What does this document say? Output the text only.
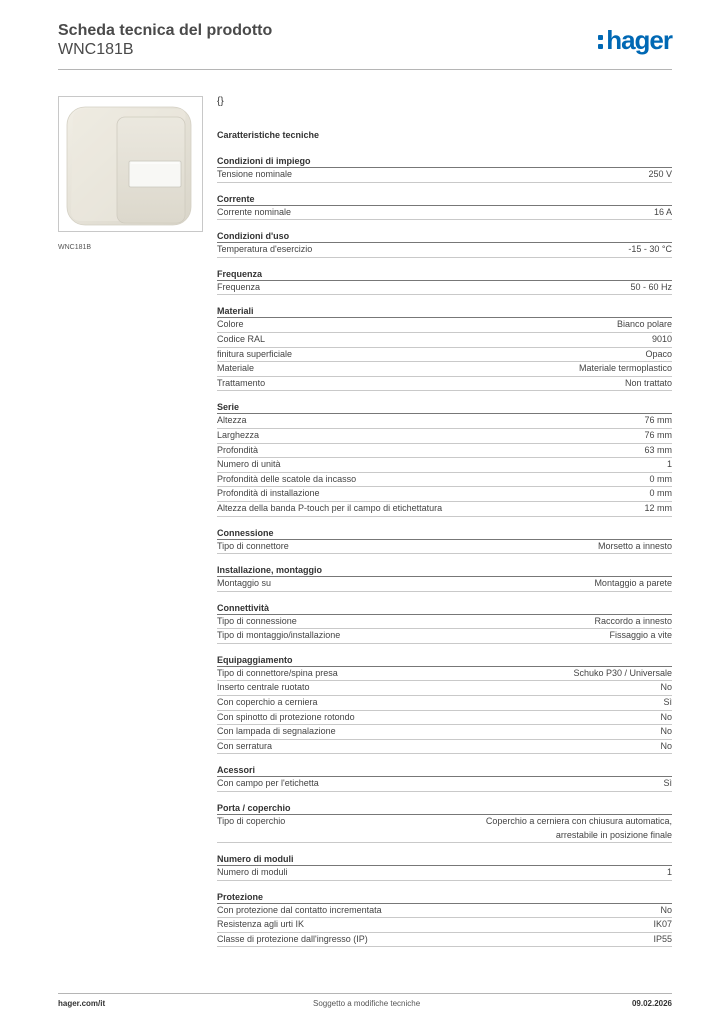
Scheda tecnica del prodotto
WNC181B	hager
WNC181B
{}
Caratteristiche tecniche
Condizioni di impiego
Tensione nominale	250 V
Corrente
Corrente nominale	16 A
Condizioni d'uso
Temperatura d'esercizio	-15 - 30 °C
Frequenza
Frequenza	50 - 60 Hz
Materiali
Colore	Bianco polare
Codice RAL	9010
finitura superficiale	Opaco
Materiale	Materiale termoplastico
Trattamento	Non trattato
Serie
Altezza	76 mm
Larghezza	76 mm
Profondità	63 mm
Numero di unità	1
Profondità delle scatole da incasso	0 mm
Profondità di installazione	0 mm
Altezza della banda P-touch per il campo di etichettatura	12 mm
Connessione
Tipo di connettore	Morsetto a innesto
Installazione, montaggio
Montaggio su	Montaggio a parete
Connettività
Tipo di connessione	Raccordo a innesto
Tipo di montaggio/installazione	Fissaggio a vite
Equipaggiamento
Tipo di connettore/spina presa	Schuko P30 / Universale
Inserto centrale ruotato	No
Con coperchio a cerniera	Sì
Con spinotto di protezione rotondo	No
Con lampada di segnalazione	No
Con serratura	No
Acessori
Con campo per l'etichetta	Sì
Porta / coperchio
Tipo di coperchio	Coperchio a cerniera con chiusura automatica,
arrestabile in posizione finale
Numero di moduli
Numero di moduli	1
Protezione
Con protezione dal contatto incrementata	No
Resistenza agli urti IK	IK07
Classe di protezione dall'ingresso (IP)	IP55
hager.com/it	Soggetto a modifiche tecniche	09.02.2026
